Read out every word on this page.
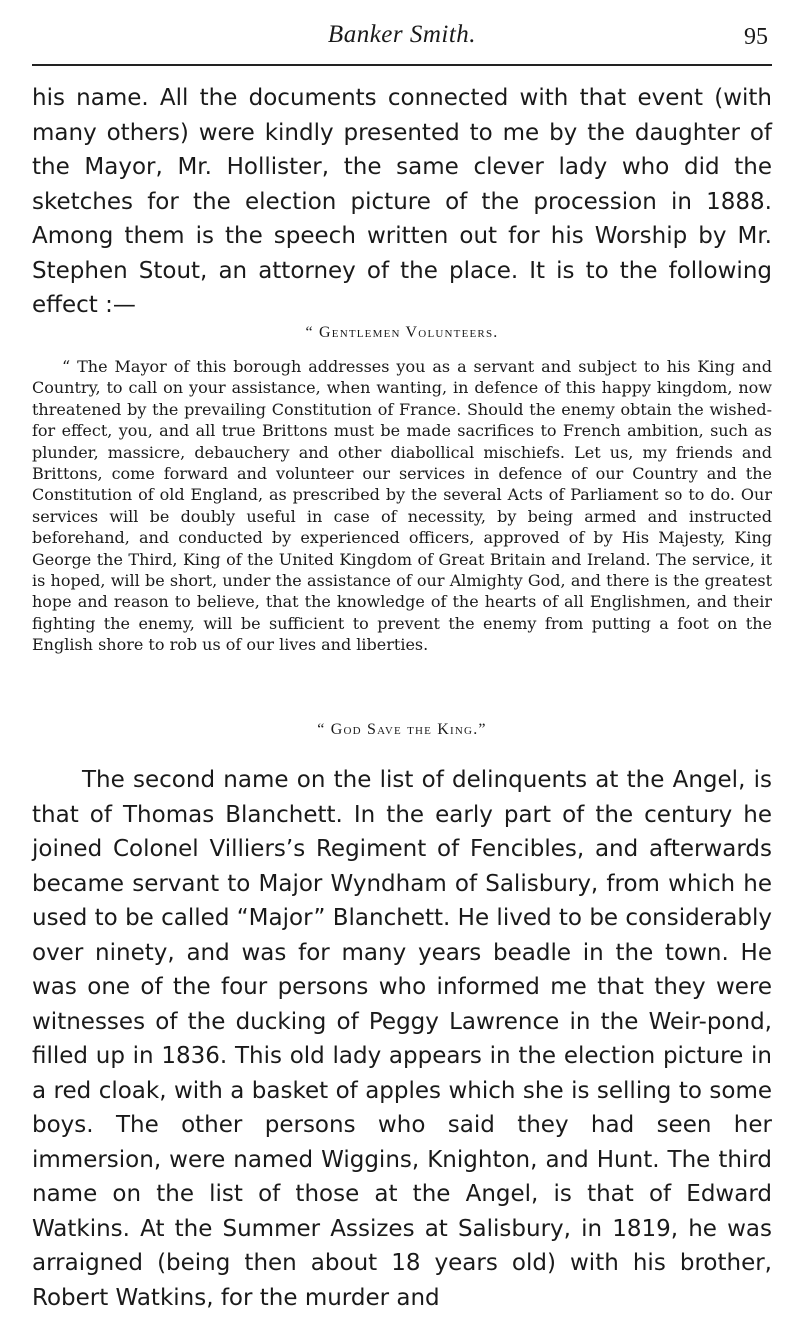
Banker Smith.	95

his name. All the documents connected with that event (with many others) were kindly presented to me by the daughter of the Mayor, Mr. Hollister, the same clever lady who did the sketches for the election picture of the procession in 1888. Among them is the speech written out for his Worship by Mr. Stephen Stout, an attorney of the place. It is to the following effect :—

“ Gentlemen Volunteers.

“ The Mayor of this borough addresses you as a servant and subject to his King and Country, to call on your assistance, when wanting, in defence of this happy kingdom, now threatened by the prevailing Constitution of France. Should the enemy obtain the wished-for effect, you, and all true Brittons must be made sacrifices to French ambition, such as plunder, massicre, debauchery and other diabollical mischiefs. Let us, my friends and Brittons, come forward and volunteer our services in defence of our Country and the Constitution of old England, as prescribed by the several Acts of Parliament so to do. Our services will be doubly useful in case of necessity, by being armed and instructed beforehand, and conducted by experienced officers, approved of by His Majesty, King George the Third, King of the United Kingdom of Great Britain and Ireland. The service, it is hoped, will be short, under the assistance of our Almighty God, and there is the greatest hope and reason to believe, that the knowledge of the hearts of all Englishmen, and their fighting the enemy, will be sufficient to prevent the enemy from putting a foot on the English shore to rob us of our lives and liberties.

“ God Save the King.”

The second name on the list of delinquents at the Angel, is that of Thomas Blanchett. In the early part of the century he joined Colonel Villiers’s Regiment of Fencibles, and afterwards became servant to Major Wyndham of Salisbury, from which he used to be called “Major” Blanchett. He lived to be considerably over ninety, and was for many years beadle in the town. He was one of the four persons who informed me that they were witnesses of the ducking of Peggy Lawrence in the Weir-pond, filled up in 1836. This old lady appears in the election picture in a red cloak, with a basket of apples which she is selling to some boys. The other persons who said they had seen her immersion, were named Wiggins, Knighton, and Hunt. The third name on the list of those at the Angel, is that of Edward Watkins. At the Summer Assizes at Salisbury, in 1819, he was arraigned (being then about 18 years old) with his brother, Robert Watkins, for the murder and
